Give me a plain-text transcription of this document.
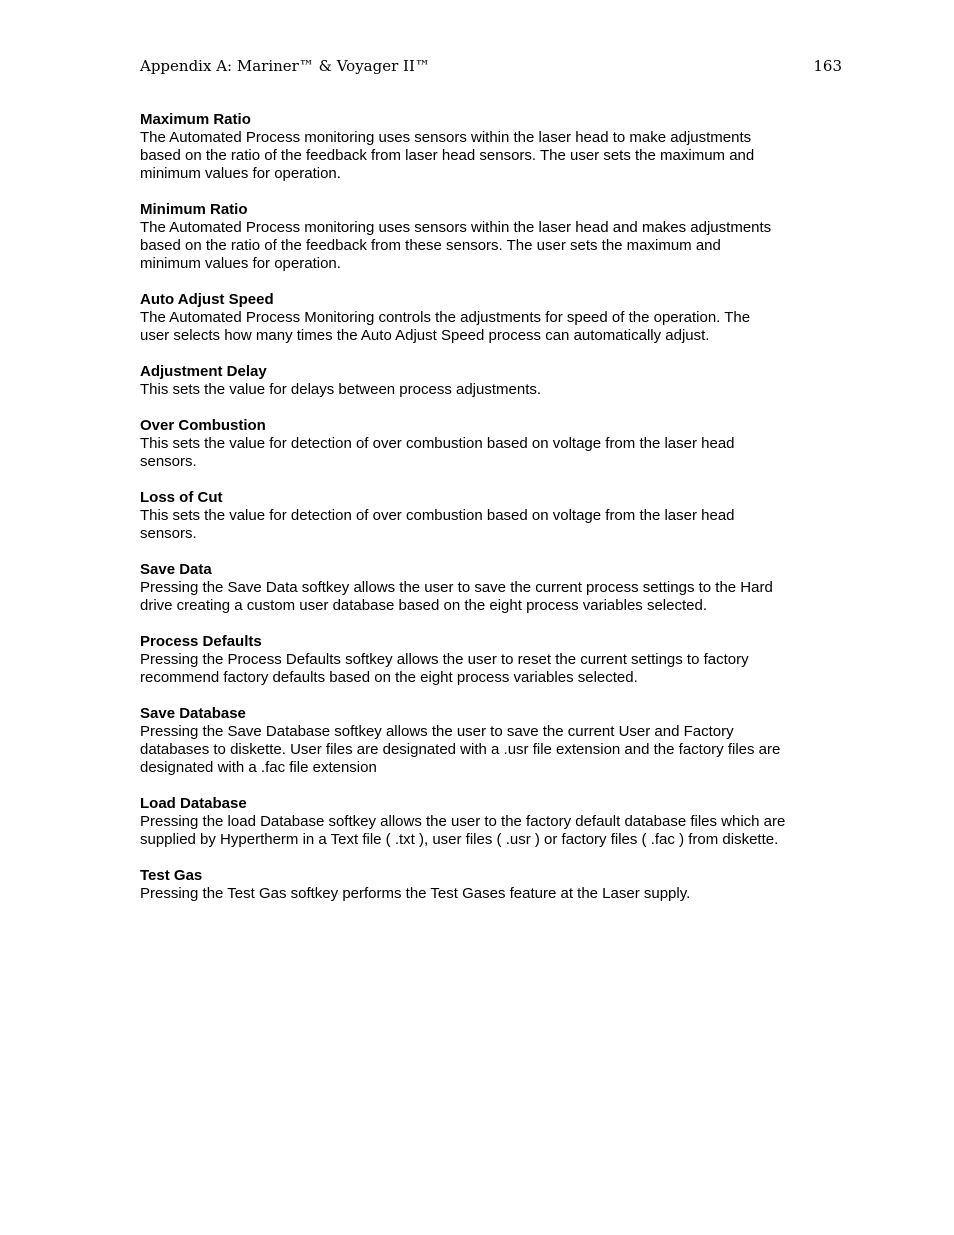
Appendix A: Mariner™ & Voyager II™	163

Maximum Ratio

The Automated Process monitoring uses sensors within the laser head to make adjustments
based on the ratio of the feedback from laser head sensors. The user sets the maximum and
minimum values for operation.

Minimum Ratio

The Automated Process monitoring uses sensors within the laser head and makes adjustments
based on the ratio of the feedback from these sensors. The user sets the maximum and
minimum values for operation.

Auto Adjust Speed

The Automated Process Monitoring controls the adjustments for speed of the operation. The
user selects how many times the Auto Adjust Speed process can automatically adjust.

Adjustment Delay

This sets the value for delays between process adjustments.

Over Combustion

This sets the value for detection of over combustion based on voltage from the laser head
sensors.

Loss of Cut

This sets the value for detection of over combustion based on voltage from the laser head
sensors.

Save Data

Pressing the Save Data softkey allows the user to save the current process settings to the Hard
drive creating a custom user database based on the eight process variables selected.

Process Defaults

Pressing the Process Defaults softkey allows the user to reset the current settings to factory
recommend factory defaults based on the eight process variables selected.

Save Database

Pressing the Save Database softkey allows the user to save the current User and Factory
databases to diskette. User files are designated with a .usr file extension and the factory files are
designated with a .fac file extension

Load Database

Pressing the load Database softkey allows the user to the factory default database files which are
supplied by Hypertherm in a Text file ( .txt ), user files ( .usr ) or factory files ( .fac ) from diskette.

Test Gas

Pressing the Test Gas softkey performs the Test Gases feature at the Laser supply.
